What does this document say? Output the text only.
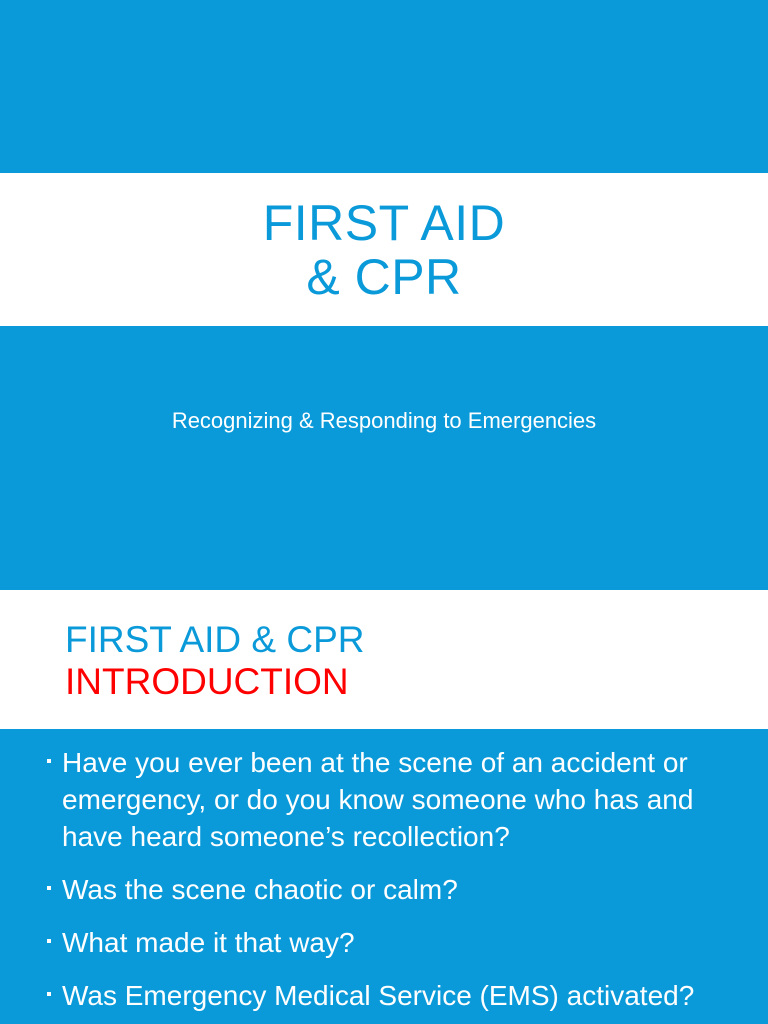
FIRST AID
& CPR
Recognizing & Responding to Emergencies
FIRST AID & CPR
INTRODUCTION
Have you ever been at the scene of an accident or emergency, or do you know someone who has and have heard someone’s recollection?
Was the scene chaotic or calm?
What made it that way?
Was Emergency Medical Service (EMS) activated?
